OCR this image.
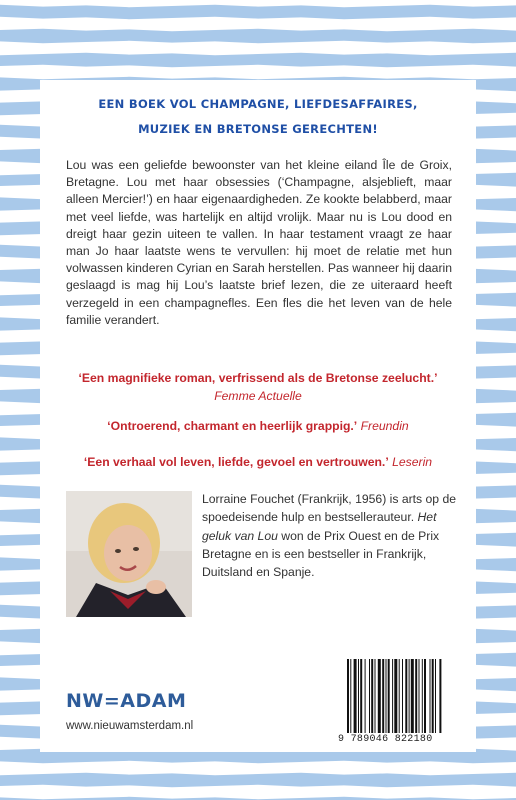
EEN BOEK VOL CHAMPAGNE, LIEFDESAFFAIRES,
MUZIEK EN BRETONSE GERECHTEN!
Lou was een geliefde bewoonster van het kleine eiland Île de Groix, Bretagne. Lou met haar obsessies (‘Champagne, alsjeblieft, maar alleen Mercier!’) en haar eigenaardigheden. Ze kookte belabberd, maar met veel liefde, was hartelijk en altijd vrolijk. Maar nu is Lou dood en dreigt haar gezin uiteen te vallen. In haar testament vraagt ze haar man Jo haar laatste wens te vervullen: hij moet de relatie met hun volwassen kinderen Cyrian en Sarah herstellen. Pas wanneer hij daarin geslaagd is mag hij Lou’s laatste brief lezen, die ze uiteraard heeft verzegeld in een champagnefles. Een fles die het leven van de hele familie verandert.
‘Een magnifieke roman, verfrissend als de Bretonse zeelucht.’
Femme Actuelle
‘Ontroerend, charmant en heerlijk grappig.’ Freundin
‘Een verhaal vol leven, liefde, gevoel en vertrouwen.’ Leserin
Lorraine Fouchet (Frankrijk, 1956) is arts op de spoedeisende hulp en bestsellerauteur. Het geluk van Lou won de Prix Ouest en de Prix Bretagne en is een bestseller in Frankrijk, Duitsland en Spanje.
NW=ADAM
www.nieuwamsterdam.nl
9 789046 822180
